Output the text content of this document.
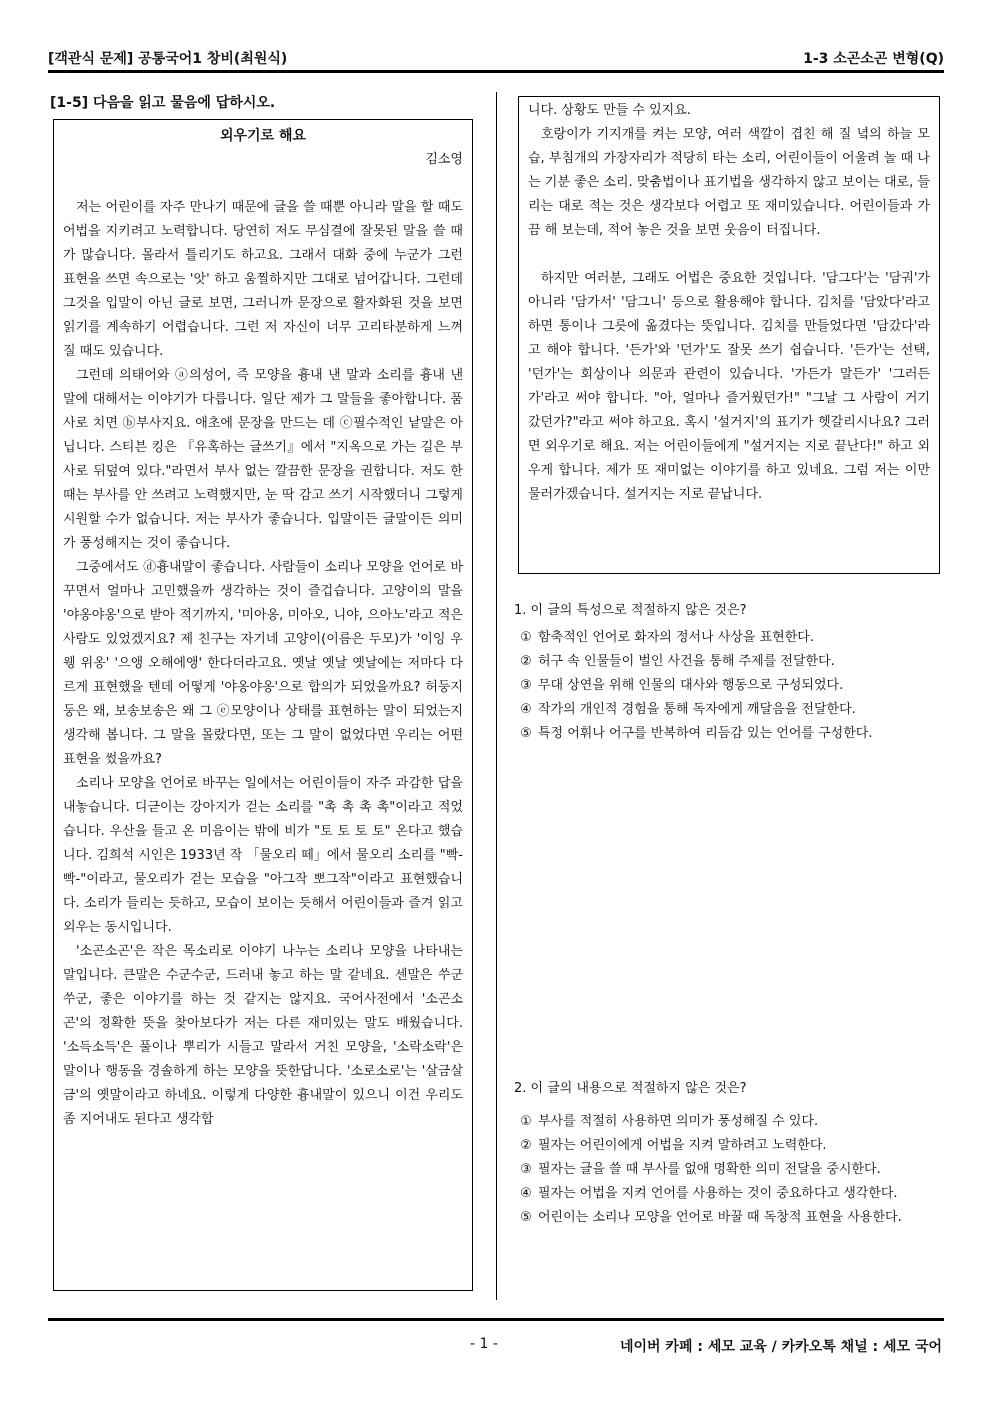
[객관식 문제] 공통국어1 창비(최원식)	1-3 소곤소곤 변형(Q)
[1-5] 다음을 읽고 물음에 답하시오.
외우기로 해요
김소영

저는 어린이를 자주 만나기 때문에 글을 쓸 때뿐 아니라 말을 할 때도 어법을 지키려고 노력합니다. 당연히 저도 무심결에 잘못된 말을 쓸 때가 많습니다. 몰라서 틀리기도 하고요. 그래서 대화 중에 누군가 그런 표현을 쓰면 속으로는 '앗' 하고 움찔하지만 그대로 넘어갑니다. 그런데 그것을 입말이 아닌 글로 보면, 그러니까 문장으로 활자화된 것을 보면 읽기를 계속하기 어렵습니다. 그런 저 자신이 너무 고리타분하게 느껴질 때도 있습니다.

그런데 의태어와 ⓐ의성어, 즉 모양을 흉내 낸 말과 소리를 흉내 낸 말에 대해서는 이야기가 다릅니다. 일단 제가 그 말들을 좋아합니다. 품사로 치면 ⓑ부사지요. 애초에 문장을 만드는 데 ⓒ필수적인 낱말은 아닙니다. 스티븐 킹은 『유혹하는 글쓰기』에서 "지옥으로 가는 길은 부사로 뒤덮여 있다."라면서 부사 없는 깔끔한 문장을 권합니다. 저도 한때는 부사를 안 쓰려고 노력했지만, 눈 딱 감고 쓰기 시작했더니 그렇게 시원할 수가 없습니다. 저는 부사가 좋습니다. 입말이든 글말이든 의미가 풍성해지는 것이 좋습니다.

그중에서도 ⓓ흉내말이 좋습니다. 사람들이 소리나 모양을 언어로 바꾸면서 얼마나 고민했을까 생각하는 것이 즐겁습니다. 고양이의 말을 '야옹야옹'으로 받아 적기까지, '미아옹, 미아오, 니야, 으아노'라고 적은 사람도 있었겠지요? 제 친구는 자기네 고양이(이름은 두모)가 '이잉 우웽 위옹' '으앵 오해에앵' 한다더라고요. 옛날 옛날 옛날에는 저마다 다르게 표현했을 텐데 어떻게 '야옹야옹'으로 합의가 되었을까요? 허둥지둥은 왜, 보송보송은 왜 그 ⓔ모양이나 상태를 표현하는 말이 되었는지 생각해 봅니다. 그 말을 몰랐다면, 또는 그 말이 없었다면 우리는 어떤 표현을 썼을까요?

소리나 모양을 언어로 바꾸는 일에서는 어린이들이 자주 과감한 답을 내놓습니다. 디귿이는 강아지가 걷는 소리를 "촉 촉 촉 촉"이라고 적었습니다. 우산을 들고 온 미음이는 밖에 비가 "토 토 토 토" 온다고 했습니다. 김희석 시인은 1933년 작 「물오리 떼」에서 물오리 소리를 "빡-빡-"이라고, 물오리가 걷는 모습을 "아그작 뽀그작"이라고 표현했습니다. 소리가 들리는 듯하고, 모습이 보이는 듯해서 어린이들과 즐겨 읽고 외우는 동시입니다.

'소곤소곤'은 작은 목소리로 이야기 나누는 소리나 모양을 나타내는 말입니다. 큰말은 수군수군, 드러내 놓고 하는 말 같네요. 센말은 쑤군쑤군, 좋은 이야기를 하는 것 같지는 않지요. 국어사전에서 '소곤소곤'의 정확한 뜻을 찾아보다가 저는 다른 재미있는 말도 배웠습니다. '소득소득'은 풀이나 뿌리가 시들고 말라서 거친 모양을, '소락소락'은 말이나 행동을 경솔하게 하는 모양을 뜻한답니다. '소로소로'는 '살금살금'의 옛말이라고 하네요. 이렇게 다양한 흉내말이 있으니 이건 우리도 좀 지어내도 된다고 생각합

니다. 상황도 만들 수 있지요.

호랑이가 기지개를 켜는 모양, 여러 색깔이 겹친 해 질 녘의 하늘 모습, 부침개의 가장자리가 적당히 타는 소리, 어린이들이 어울려 놀 때 나는 기분 좋은 소리. 맞춤법이나 표기법을 생각하지 않고 보이는 대로, 들리는 대로 적는 것은 생각보다 어렵고 또 재미있습니다. 어린이들과 가끔 해 보는데, 적어 놓은 것을 보면 웃음이 터집니다.

하지만 여러분, 그래도 어법은 중요한 것입니다. '담그다'는 '담궈'가 아니라 '담가서' '담그니' 등으로 활용해야 합니다. 김치를 '담았다'라고 하면 통이나 그릇에 옮겼다는 뜻입니다. 김치를 만들었다면 '담갔다'라고 해야 합니다. '든가'와 '던가'도 잘못 쓰기 쉽습니다. '든가'는 선택, '던가'는 회상이나 의문과 관련이 있습니다. '가든가 말든가' '그러든가'라고 써야 합니다. "아, 얼마나 즐거웠던가!" "그날 그 사람이 거기 갔던가?"라고 써야 하고요. 혹시 '설거지'의 표기가 헷갈리시나요? 그러면 외우기로 해요. 저는 어린이들에게 "설거지는 지로 끝난다!" 하고 외우게 합니다. 제가 또 재미없는 이야기를 하고 있네요. 그럼 저는 이만 물러가겠습니다. 설거지는 지로 끝납니다.

1. 이 글의 특성으로 적절하지 않은 것은?
① 함축적인 언어로 화자의 정서나 사상을 표현한다.
② 허구 속 인물들이 벌인 사건을 통해 주제를 전달한다.
③ 무대 상연을 위해 인물의 대사와 행동으로 구성되었다.
④ 작가의 개인적 경험을 통해 독자에게 깨달음을 전달한다.
⑤ 특정 어휘나 어구를 반복하여 리듬감 있는 언어를 구성한다.
2. 이 글의 내용으로 적절하지 않은 것은?
① 부사를 적절히 사용하면 의미가 풍성해질 수 있다.
② 필자는 어린이에게 어법을 지켜 말하려고 노력한다.
③ 필자는 글을 쓸 때 부사를 없애 명확한 의미 전달을 중시한다.
④ 필자는 어법을 지켜 언어를 사용하는 것이 중요하다고 생각한다.
⑤ 어린이는 소리나 모양을 언어로 바꿀 때 독창적 표현을 사용한다.
- 1 -	네이버 카페 : 세모 교육 / 카카오톡 채널 : 세모 국어
